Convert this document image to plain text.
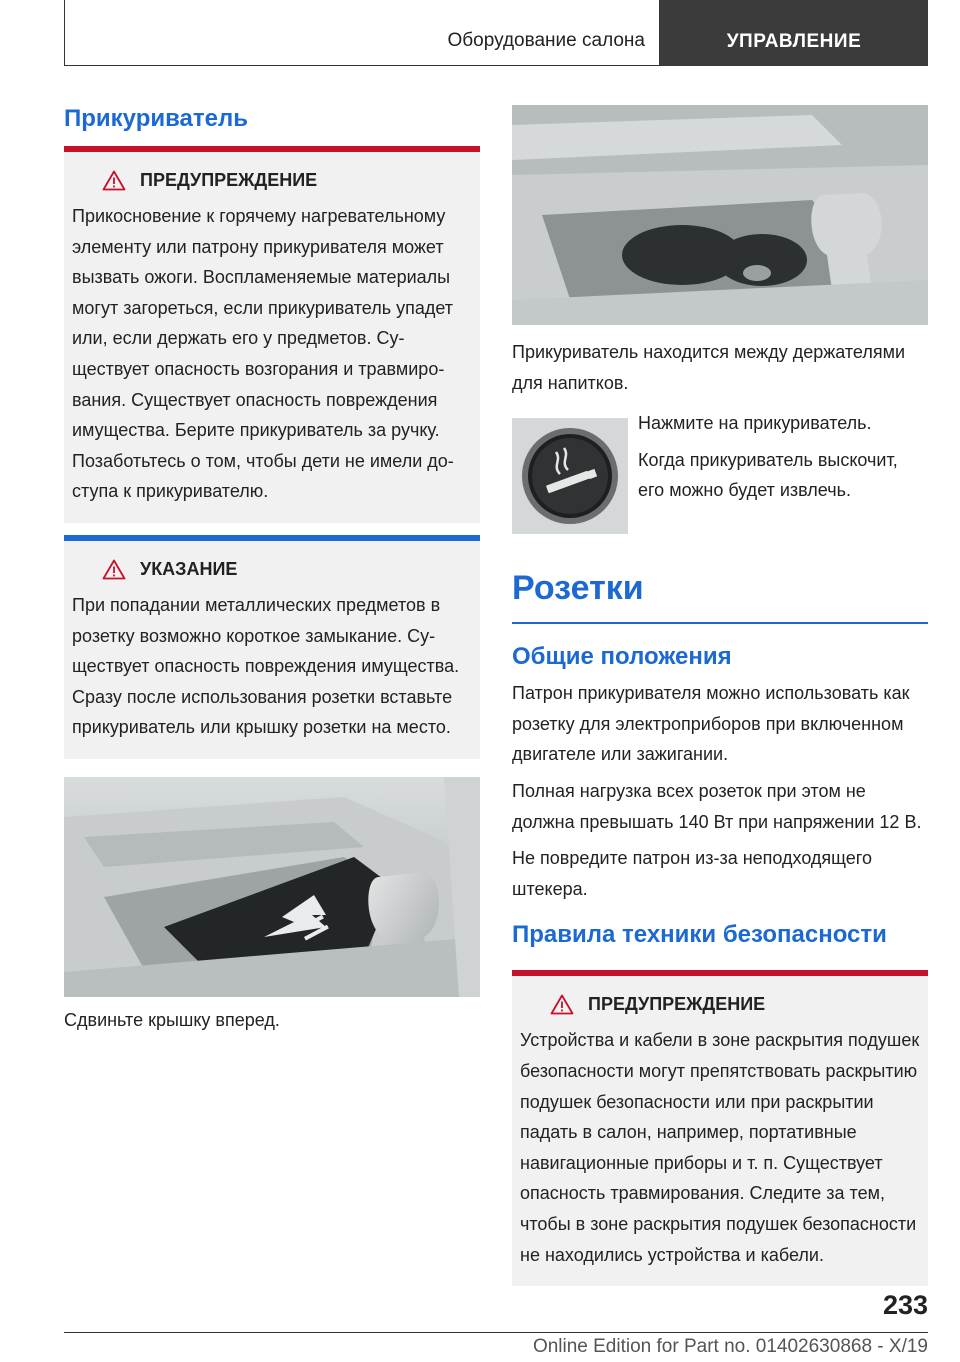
Оборудование салона	УПРАВЛЕНИЕ
Прикуриватель
ПРЕДУПРЕЖДЕНИЕ

Прикосновение к горячему нагревательному элементу или патрону прикуривателя может вызвать ожоги. Воспламеняемые материалы могут загореться, если прикуриватель упадет или, если держать его у предметов. Существует опасность возгорания и травмирования. Существует опасность повреждения имущества. Берите прикуриватель за ручку. Позаботьтесь о том, чтобы дети не имели доступа к прикуривателю.

УКАЗАНИЕ

При попадании металлических предметов в розетку возможно короткое замыкание. Существует опасность повреждения имущества. Сразу после использования розетки вставьте прикуриватель или крышку розетки на место.

Сдвиньте крышку вперед.

Прикуриватель находится между держателями для напитков.

Нажмите на прикуриватель.

Когда прикуриватель выскочит, его можно будет извлечь.

Розетки
Общие положения

Патрон прикуривателя можно использовать как розетку для электроприборов при включенном двигателе или зажигании.

Полная нагрузка всех розеток при этом не должна превышать 140 Вт при напряжении 12 В.

Не повредите патрон из-за неподходящего штекера.

Правила техники безопасности
ПРЕДУПРЕЖДЕНИЕ

Устройства и кабели в зоне раскрытия подушек безопасности могут препятствовать раскрытию подушек безопасности или при раскрытии падать в салон, например, портативные навигационные приборы и т. п. Существует опасность травмирования. Следите за тем, чтобы в зоне раскрытия подушек безопасности не находились устройства и кабели.

233
Online Edition for Part no. 01402630868 - X/19
